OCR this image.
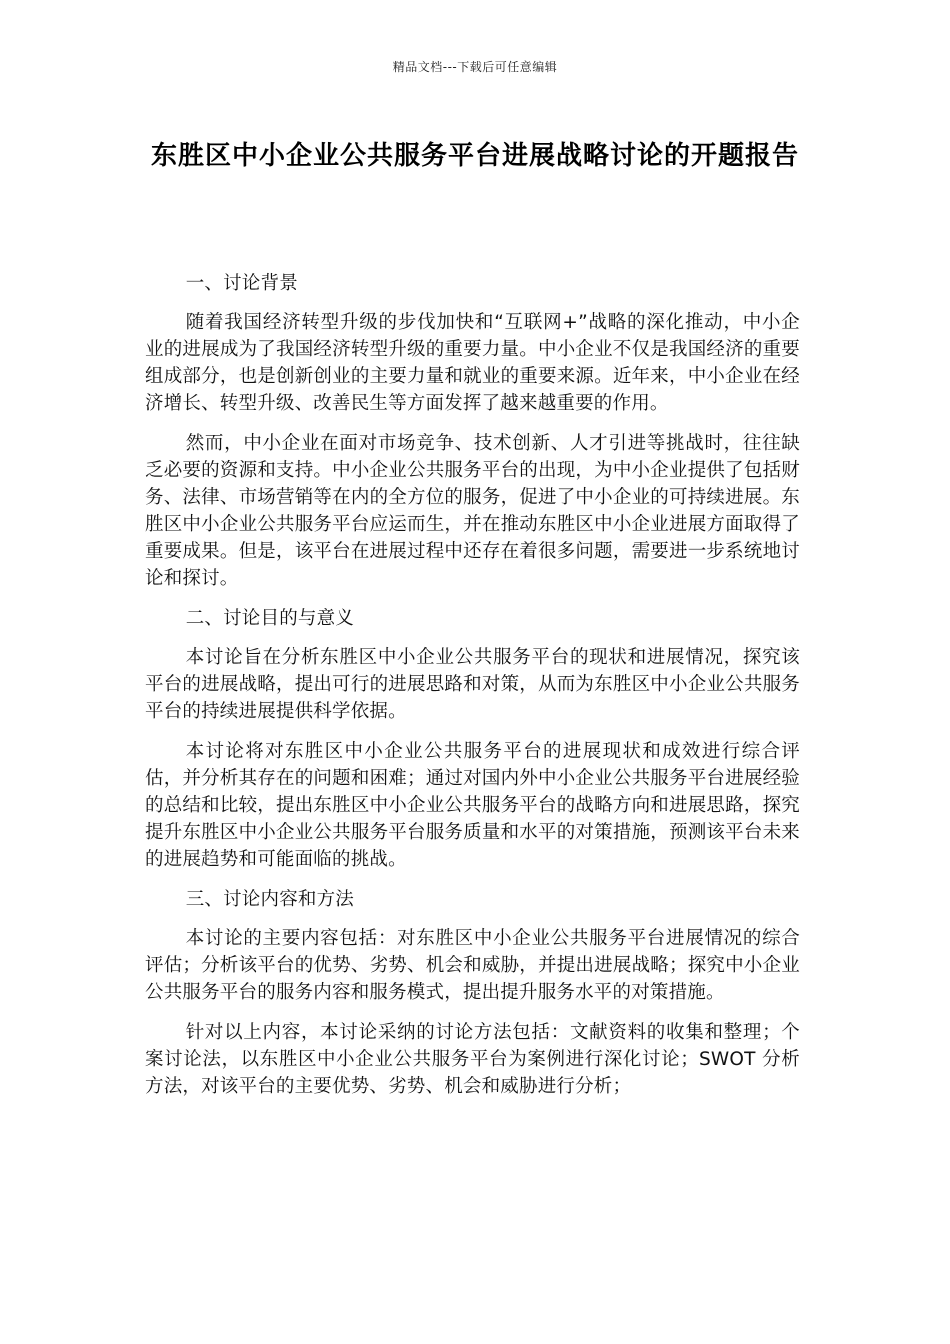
精品文档---下载后可任意编辑
东胜区中小企业公共服务平台进展战略讨论的开题报告

一、讨论背景

随着我国经济转型升级的步伐加快和“互联网+”战略的深化推动，中小企业的进展成为了我国经济转型升级的重要力量。中小企业不仅是我国经济的重要组成部分，也是创新创业的主要力量和就业的重要来源。近年来，中小企业在经济增长、转型升级、改善民生等方面发挥了越来越重要的作用。

然而，中小企业在面对市场竞争、技术创新、人才引进等挑战时，往往缺乏必要的资源和支持。中小企业公共服务平台的出现，为中小企业提供了包括财务、法律、市场营销等在内的全方位的服务，促进了中小企业的可持续进展。东胜区中小企业公共服务平台应运而生，并在推动东胜区中小企业进展方面取得了重要成果。但是，该平台在进展过程中还存在着很多问题，需要进一步系统地讨论和探讨。

二、讨论目的与意义

本讨论旨在分析东胜区中小企业公共服务平台的现状和进展情况，探究该平台的进展战略，提出可行的进展思路和对策，从而为东胜区中小企业公共服务平台的持续进展提供科学依据。

本讨论将对东胜区中小企业公共服务平台的进展现状和成效进行综合评估，并分析其存在的问题和困难；通过对国内外中小企业公共服务平台进展经验的总结和比较，提出东胜区中小企业公共服务平台的战略方向和进展思路，探究提升东胜区中小企业公共服务平台服务质量和水平的对策措施，预测该平台未来的进展趋势和可能面临的挑战。

三、讨论内容和方法

本讨论的主要内容包括：对东胜区中小企业公共服务平台进展情况的综合评估；分析该平台的优势、劣势、机会和威胁，并提出进展战略；探究中小企业公共服务平台的服务内容和服务模式，提出提升服务水平的对策措施。

针对以上内容，本讨论采纳的讨论方法包括：文献资料的收集和整理；个案讨论法，以东胜区中小企业公共服务平台为案例进行深化讨论；SWOT 分析方法，对该平台的主要优势、劣势、机会和威胁进行分析；
